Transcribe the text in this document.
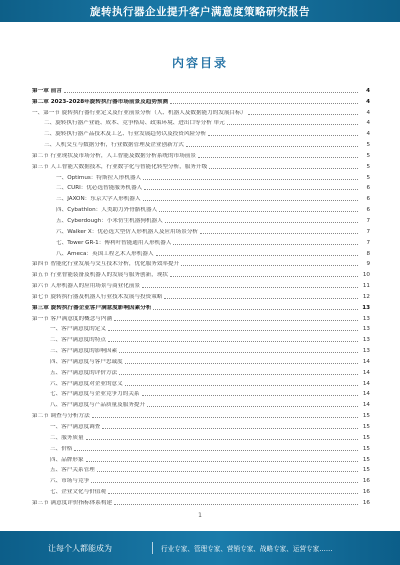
旋转执行器企业提升客户满意度策略研究报告
内容目录
第一章 前言	4
第二章 2023-2028年旋转执行器市场前景及趋势预测	4
一、第一节 旋转执行器行业定义及行业前景分析（人、机器人及数据能力的发展目标）	4
二、旋转执行器产业链、成本、竞争格局、政策环境、进出口等分析 单元	4
二、旋转执行器产品技术及工艺、行业发展趋势以及投资风险分析	4
三、人机交互与数据分析，行业数据管理及企业创新方式	5
第二节 行业现状及市场分析，人工智能及数据分析系统的市场前景	5
第三节 人工智能大数据技术，行业数字化与智能化转型分析，服务升级	5
一、Optimus：特斯拉人形机器人	5
二、CURI：优必选智能服务机器人	6
三、JAXON：东京大学人形机器人	6
四、Cybathlon：人类助力外骨骼机器人	6
五、Cyberdough：小米仿生机器狗机器人	7
六、Walker X：优必选大型仿人形机器人及应用场景分析	7
七、Tower GR-1：傅利叶智能通用人形机器人	7
八、Ameca：英国工程艺术人形机器人	8
第四节 智能化行业发展与交互技术分析，优化服务效率提升	9
第五节 行业智能装备及机器人的发展与服务创新，现状	10
第六节 人形机器人的应用场景与商业化前景	11
第七节 旋转执行器及机器人行业技术发展与投资策略	12
第三章 旋转执行器企业客户满意度影响因素分析	13
第一节 客户满意度的概念与内涵	13
一、客户满意度的定义	13
二、客户满意度的特点	13
三、客户满意度的影响因素	13
四、客户满意度与客户忠诚度	14
五、客户满意度的评价方法	14
六、客户满意度对企业的意义	14
七、客户满意度与企业竞争力的关系	14
八、客户满意度与产品质量及服务提升	14
第二节 调查与分析方法	15
一、客户满意度调查	15
二、服务质量	15
三、价格	15
四、品牌形象	15
五、客户关系管理	15
六、市场与竞争	16
七、企业文化与价值观	16
第三节 满意度评价指标体系构建	16
1
让每个人都能成为	行业专家、管理专家、营销专家、战略专家、运营专家……
